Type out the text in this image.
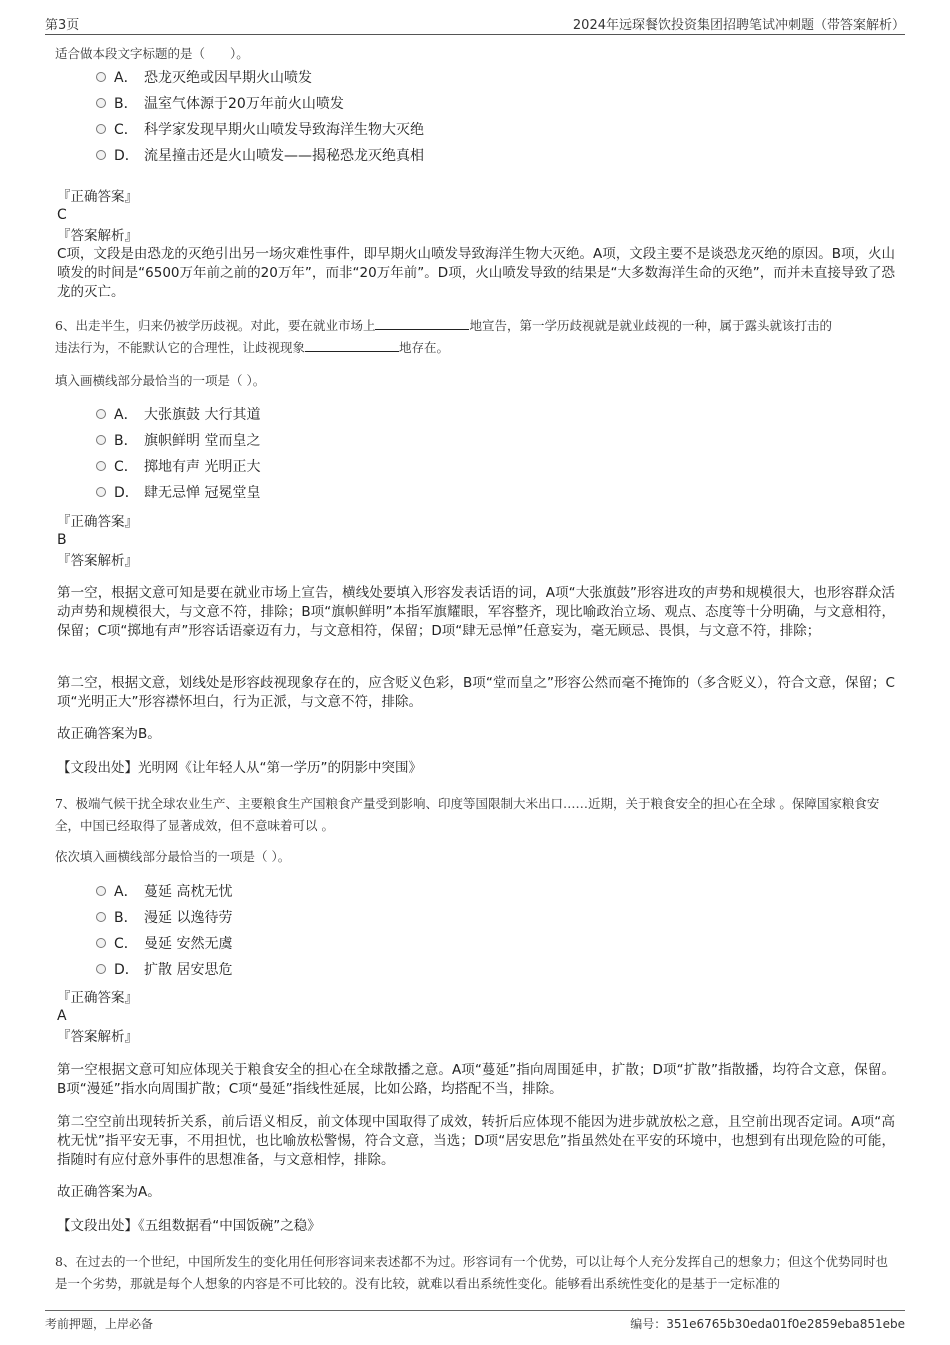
第3页	2024年远琛餐饮投资集团招聘笔试冲刺题（带答案解析）
适合做本段文字标题的是（　　）。
A． 恐龙灭绝或因早期火山喷发
B． 温室气体源于20万年前火山喷发
C． 科学家发现早期火山喷发导致海洋生物大灭绝
D． 流星撞击还是火山喷发——揭秘恐龙灭绝真相
『正确答案』
C
『答案解析』
C项，文段是由恐龙的灭绝引出另一场灾难性事件，即早期火山喷发导致海洋生物大灭绝。A项，文段主要不是谈恐龙灭绝的原因。B项，火山喷发的时间是“6500万年前之前的20万年”，而非“20万年前”。D项，火山喷发导致的结果是“大多数海洋生命的灭绝”，而并未直接导致了恐龙的灭亡。
6、出走半生，归来仍被学历歧视。对此，要在就业市场上	地宣告，第一学历歧视就是就业歧视的一种，属于露头就该打击的
违法行为，不能默认它的合理性，让歧视现象	地存在。
填入画横线部分最恰当的一项是（ ）。
A． 大张旗鼓 大行其道
B． 旗帜鲜明 堂而皇之
C． 掷地有声 光明正大
D． 肆无忌惮 冠冕堂皇
『正确答案』
B
『答案解析』
第一空，根据文意可知是要在就业市场上宣告，横线处要填入形容发表话语的词，A项“大张旗鼓”形容进攻的声势和规模很大，也形容群众活动声势和规模很大，与文意不符，排除；B项“旗帜鲜明”本指军旗耀眼，军容整齐，现比喻政治立场、观点、态度等十分明确，与文意相符，保留；C项“掷地有声”形容话语豪迈有力，与文意相符，保留；D项“肆无忌惮”任意妄为，毫无顾忌、畏惧，与文意不符，排除；
第二空，根据文意，划线处是形容歧视现象存在的，应含贬义色彩，B项“堂而皇之”形容公然而毫不掩饰的（多含贬义），符合文意，保留；C项“光明正大”形容襟怀坦白，行为正派，与文意不符，排除。
故正确答案为B。
【文段出处】光明网《让年轻人从“第一学历”的阴影中突围》
7、极端气候干扰全球农业生产、主要粮食生产国粮食产量受到影响、印度等国限制大米出口……近期，关于粮食安全的担心在全球 。保障国家粮食安全，中国已经取得了显著成效，但不意味着可以 。
依次填入画横线部分最恰当的一项是（ ）。
A． 蔓延 高枕无忧
B． 漫延 以逸待劳
C． 曼延 安然无虞
D． 扩散 居安思危
『正确答案』
A
『答案解析』
第一空根据文意可知应体现关于粮食安全的担心在全球散播之意。A项“蔓延”指向周围延申，扩散；D项“扩散”指散播，均符合文意，保留。B项“漫延”指水向周围扩散；C项“曼延”指线性延展，比如公路，均搭配不当，排除。
第二空空前出现转折关系，前后语义相反，前文体现中国取得了成效，转折后应体现不能因为进步就放松之意，且空前出现否定词。A项“高枕无忧”指平安无事，不用担忧，也比喻放松警惕，符合文意，当选；D项“居安思危”指虽然处在平安的环境中，也想到有出现危险的可能，指随时有应付意外事件的思想准备，与文意相悖，排除。
故正确答案为A。
【文段出处】《五组数据看“中国饭碗”之稳》
8、在过去的一个世纪，中国所发生的变化用任何形容词来表述都不为过。形容词有一个优势，可以让每个人充分发挥自己的想象力；但这个优势同时也是一个劣势，那就是每个人想象的内容是不可比较的。没有比较，就难以看出系统性变化。能够看出系统性变化的是基于一定标准的
考前押题，上岸必备	编号：351e6765b30eda01f0e2859eba851ebe
